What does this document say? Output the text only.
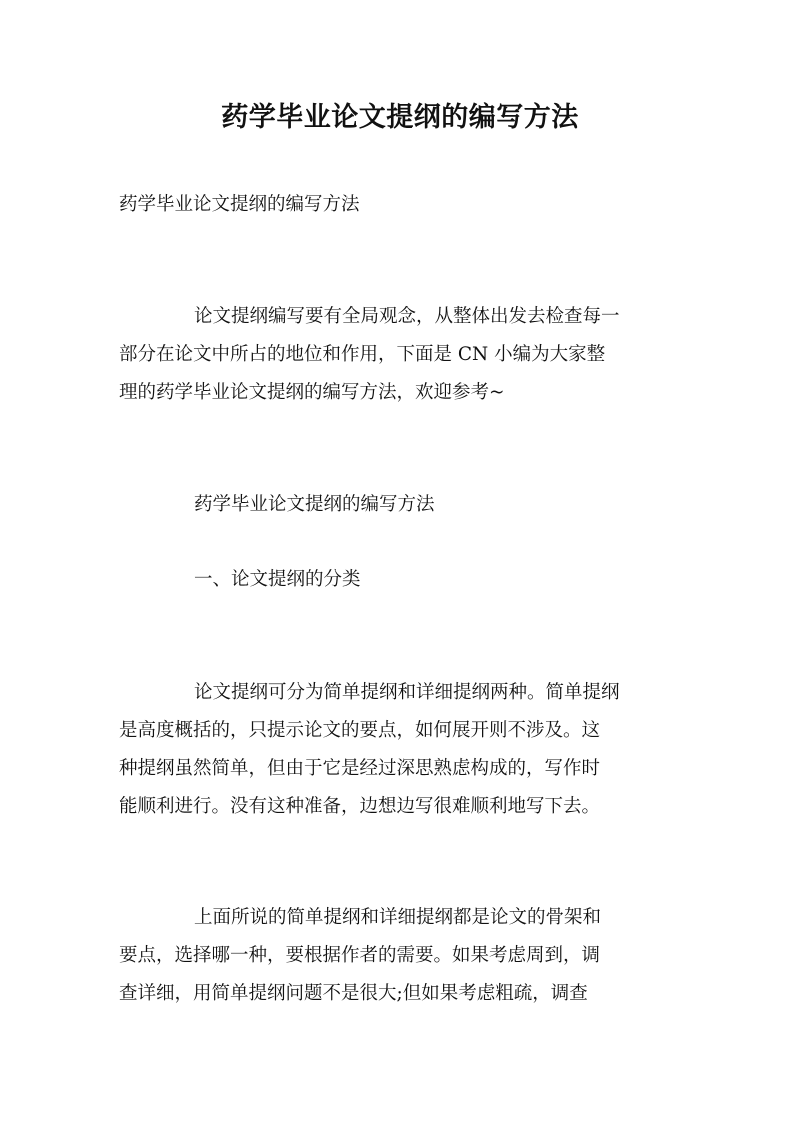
药学毕业论文提纲的编写方法

药学毕业论文提纲的编写方法

论文提纲编写要有全局观念，从整体出发去检查每一
部分在论文中所占的地位和作用，下面是 CN 小编为大家整
理的药学毕业论文提纲的编写方法，欢迎参考~

药学毕业论文提纲的编写方法

一、论文提纲的分类

论文提纲可分为简单提纲和详细提纲两种。简单提纲
是高度概括的，只提示论文的要点，如何展开则不涉及。这
种提纲虽然简单，但由于它是经过深思熟虑构成的，写作时
能顺利进行。没有这种准备，边想边写很难顺利地写下去。

上面所说的简单提纲和详细提纲都是论文的骨架和
要点，选择哪一种，要根据作者的需要。如果考虑周到，调
查详细，用简单提纲问题不是很大;但如果考虑粗疏，调查
